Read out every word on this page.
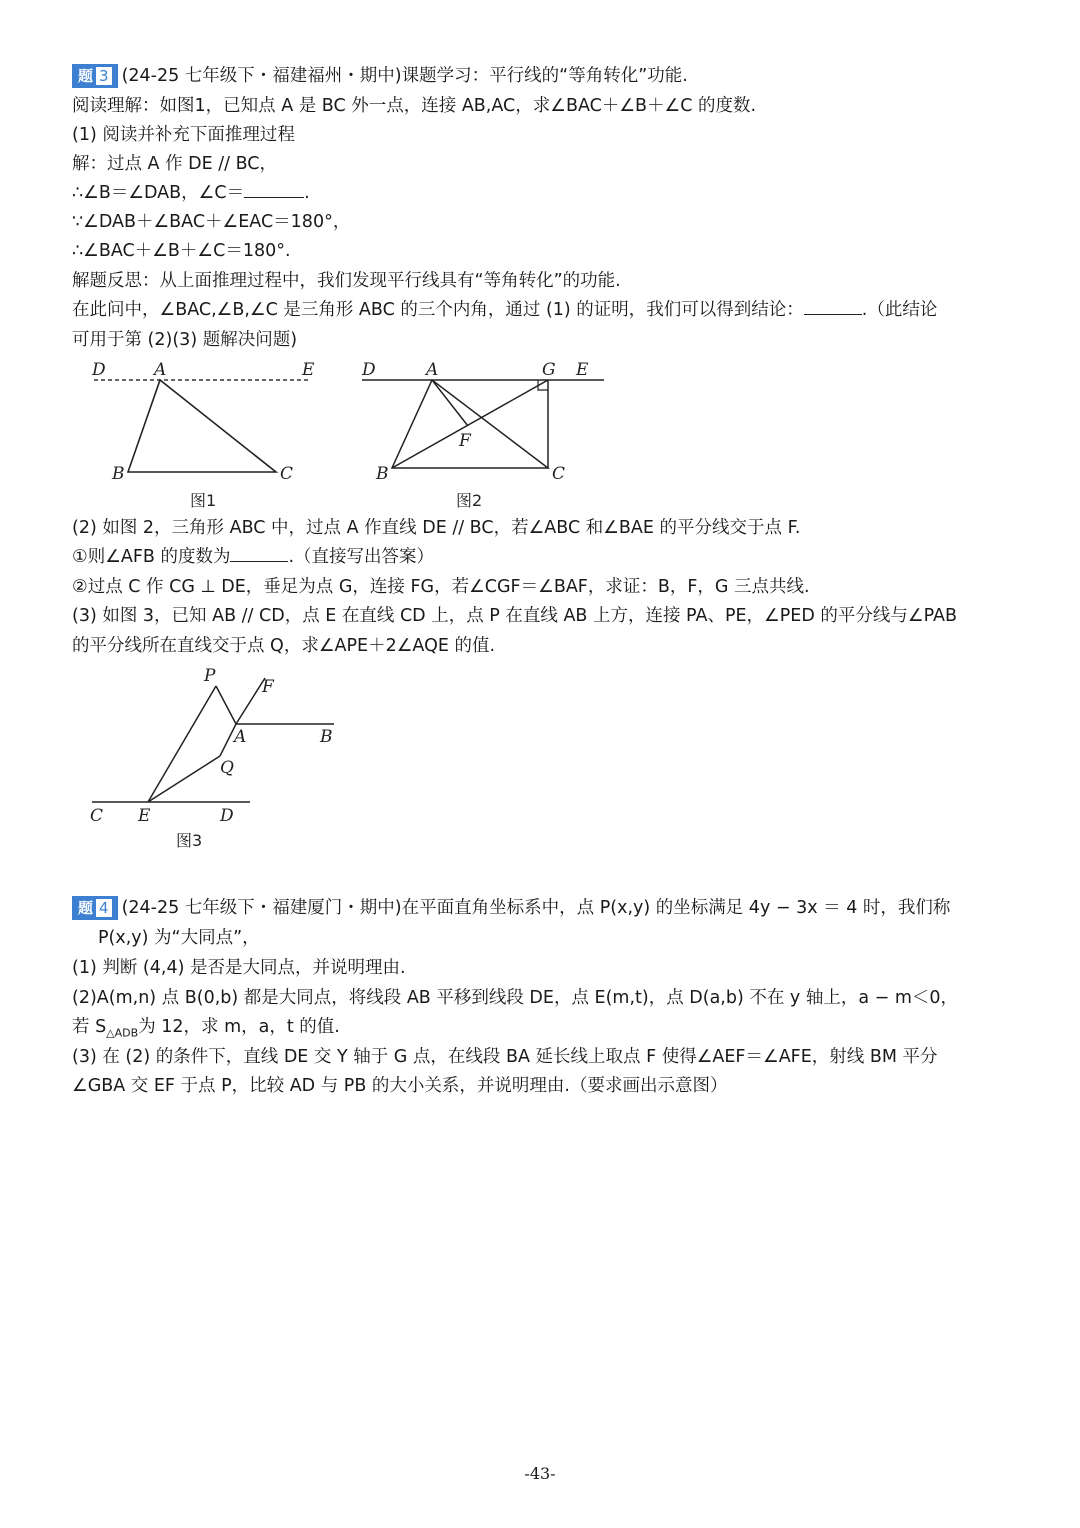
题 3 (24-25 七年级下・福建福州・期中)课题学习：平行线的“等角转化”功能.
阅读理解：如图1，已知点 A 是 BC 外一点，连接 AB,AC，求∠BAC＋∠B＋∠C 的度数.
(1) 阅读并补充下面推理过程
解：过点 A 作 DE // BC，
∴∠B＝∠DAB，∠C＝	.
∵∠DAB＋∠BAC＋∠EAC＝180°，
∴∠BAC＋∠B＋∠C＝180°.
解题反思：从上面推理过程中，我们发现平行线具有“等角转化”的功能.
在此问中，∠BAC,∠B,∠C 是三角形 ABC 的三个内角，通过 (1) 的证明，我们可以得到结论：	.（此结论
可用于第 (2)(3) 题解决问题)
D	A	E
B	C
图1
D	A	G E
F
B	C
图2
(2) 如图 2，三角形 ABC 中，过点 A 作直线 DE // BC，若∠ABC 和∠BAE 的平分线交于点 F.
①则∠AFB 的度数为	.（直接写出答案）
②过点 C 作 CG ⊥ DE，垂足为点 G，连接 FG，若∠CGF＝∠BAF，求证：B，F，G 三点共线.
(3) 如图 3，已知 AB // CD，点 E 在直线 CD 上，点 P 在直线 AB 上方，连接 PA、PE，∠PED 的平分线与∠PAB
的平分线所在直线交于点 Q，求∠APE＋2∠AQE 的值.
P
F
A	B
Q
C E	D
图3
题 4 (24-25 七年级下・福建厦门・期中)在平面直角坐标系中，点 P(x,y) 的坐标满足 4y − 3x ＝ 4 时，我们称
P(x,y) 为“大同点”，
(1) 判断 (4,4) 是否是大同点，并说明理由.
(2)A(m,n) 点 B(0,b) 都是大同点，将线段 AB 平移到线段 DE，点 E(m,t)，点 D(a,b) 不在 y 轴上，a − m＜0，
若 $S_{\triangle ADB}$为 12，求 m，a，t 的值.
(3) 在 (2) 的条件下，直线 DE 交 Y 轴于 G 点，在线段 BA 延长线上取点 F 使得∠AEF＝∠AFE，射线 BM 平分
∠GBA 交 EF 于点 P，比较 AD 与 PB 的大小关系，并说明理由.（要求画出示意图）
-43-
